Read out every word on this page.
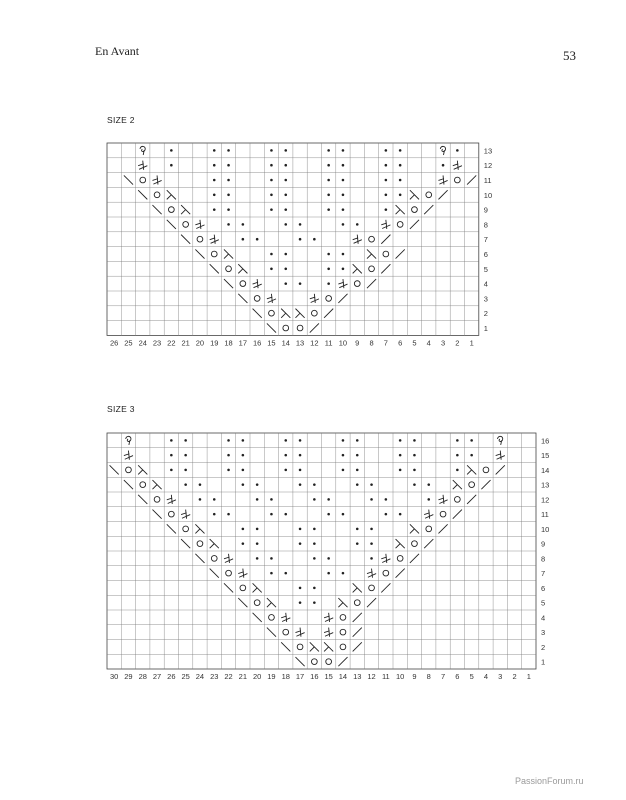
En Avant	53
SIZE 2
26 25 24 23 22 21 20 19 18 17 16 15 14 13 12 11 10 9 8 7 6 5 4 3 2 1
13
12
11
10
9
8
7
6
5
4
3
2
1
SIZE 3
30 29 28 27 26 25 24 23 22 21 20 19 18 17 16 15 14 13 12 11 10 9 8 7 6 5 4 3 2 1
16
15
14
13
12
11
10
9
8
7
6
5
4
3
2
1
PassionForum.ru
